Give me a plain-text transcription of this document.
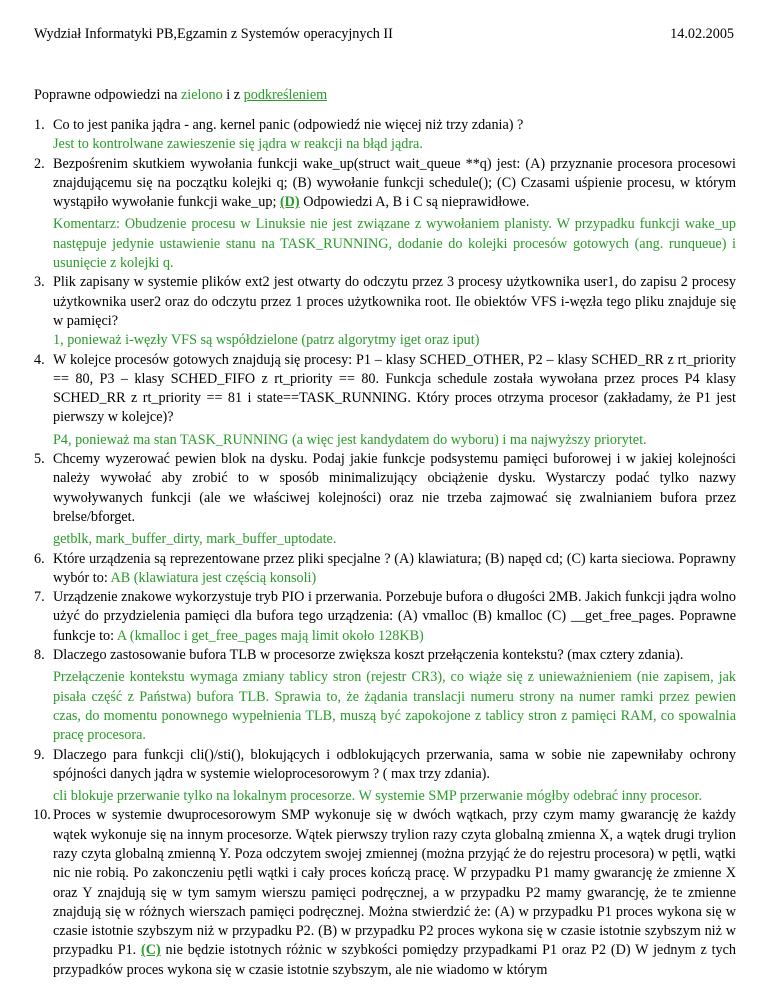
Wydział Informatyki PB,Egzamin z Systemów operacyjnych II	14.02.2005
Poprawne odpowiedzi na zielono i z podkreśleniem
1. Co to jest panika jądra - ang. kernel panic (odpowiedź nie więcej niż trzy zdania) ?
Jest to kontrolwane zawieszenie się jądra w reakcji na błąd jądra.
2. Bezpośrenim skutkiem wywołania funkcji wake_up(struct wait_queue **q) jest: (A) przyznanie procesora procesowi znajdującemu się na początku kolejki q; (B) wywołanie funkcji schedule(); (C) Czasami uśpienie procesu, w którym wystąpiło wywołanie funkcji wake_up; (D) Odpowiedzi A, B i C są nieprawidłowe.
Komentarz: Obudzenie procesu w Linuksie nie jest związane z wywołaniem planisty. W przypadku funkcji wake_up następuje jedynie ustawienie stanu na TASK_RUNNING, dodanie do kolejki procesów gotowych (ang. runqueue) i usunięcie z kolejki q.
3. Plik zapisany w systemie plików ext2 jest otwarty do odczytu przez 3 procesy użytkownika user1, do zapisu 2 procesy użytkownika user2 oraz do odczytu przez 1 proces użytkownika root. Ile obiektów VFS i-węzła tego pliku znajduje się w pamięci?
1, ponieważ i-węzły VFS są współdzielone (patrz algorytmy iget oraz iput)
4. W kolejce procesów gotowych znajdują się procesy: P1 – klasy SCHED_OTHER, P2 – klasy SCHED_RR z rt_priority == 80, P3 – klasy SCHED_FIFO z rt_priority == 80. Funkcja schedule została wywołana przez proces P4 klasy SCHED_RR z rt_priority == 81 i state==TASK_RUNNING. Który proces otrzyma procesor (zakładamy, że P1 jest pierwszy w kolejce)?
P4, ponieważ ma stan TASK_RUNNING (a więc jest kandydatem do wyboru) i ma najwyższy priorytet.
5. Chcemy wyzerować pewien blok na dysku. Podaj jakie funkcje podsystemu pamięci buforowej i w jakiej kolejności należy wywołać aby zrobić to w sposób minimalizujący obciążenie dysku. Wystarczy podać tylko nazwy wywoływanych funkcji (ale we właściwej kolejności) oraz nie trzeba zajmować się zwalnianiem bufora przez brelse/bforget.
getblk, mark_buffer_dirty, mark_buffer_uptodate.
6. Które urządzenia są reprezentowane przez pliki specjalne ? (A) klawiatura; (B) napęd cd; (C) karta sieciowa. Poprawny wybór to: AB (klawiatura jest częścią konsoli)
7. Urządzenie znakowe wykorzystuje tryb PIO i przerwania. Porzebuje bufora o długości 2MB. Jakich funkcji jądra wolno użyć do przydzielenia pamięci dla bufora tego urządzenia: (A) vmalloc (B) kmalloc (C) __get_free_pages. Poprawne funkcje to: A (kmalloc i get_free_pages mają limit około 128KB)
8. Dlaczego zastosowanie bufora TLB w procesorze zwiększa koszt przełączenia kontekstu? (max cztery zdania).
Przełączenie kontekstu wymaga zmiany tablicy stron (rejestr CR3), co wiąże się z unieważnieniem (nie zapisem, jak pisała część z Państwa) bufora TLB. Sprawia to, że żądania translacji numeru strony na numer ramki przez pewien czas, do momentu ponownego wypełnienia TLB, muszą być zapokojone z tablicy stron z pamięci RAM, co spowalnia pracę procesora.
9. Dlaczego para funkcji cli()/sti(), blokujących i odblokujących przerwania, sama w sobie nie zapewniłaby ochrony spójności danych jądra w systemie wieloprocesorowym ? ( max trzy zdania).
cli blokuje przerwanie tylko na lokalnym procesorze. W systemie SMP przerwanie mógłby odebrać inny procesor.
10. Proces w systemie dwuprocesorowym SMP wykonuje się w dwóch wątkach, przy czym mamy gwarancję że każdy wątek wykonuje się na innym procesorze. Wątek pierwszy trylion razy czyta globalną zmienna X, a wątek drugi trylion razy czyta globalną zmienną Y. Poza odczytem swojej zmiennej (można przyjąć że do rejestru procesora) w pętli, wątki nic nie robią. Po zakonczeniu pętli wątki i cały proces kończą pracę. W przypadku P1 mamy gwarancję że zmienne X oraz Y znajdują się w tym samym wierszu pamięci podręcznej, a w przypadku P2 mamy gwarancję, że te zmienne znajdują się w różnych wierszach pamięci podręcznej. Można stwierdzić że: (A) w przypadku P1 proces wykona się w czasie istotnie szybszym niż w przypadku P2. (B) w przypadku P2 proces wykona się w czasie istotnie szybszym niż w przypadku P1. (C) nie będzie istotnych różnic w szybkości pomiędzy przypadkami P1 oraz P2 (D) W jednym z tych przypadków proces wykona się w czasie istotnie szybszym, ale nie wiadomo w którym
